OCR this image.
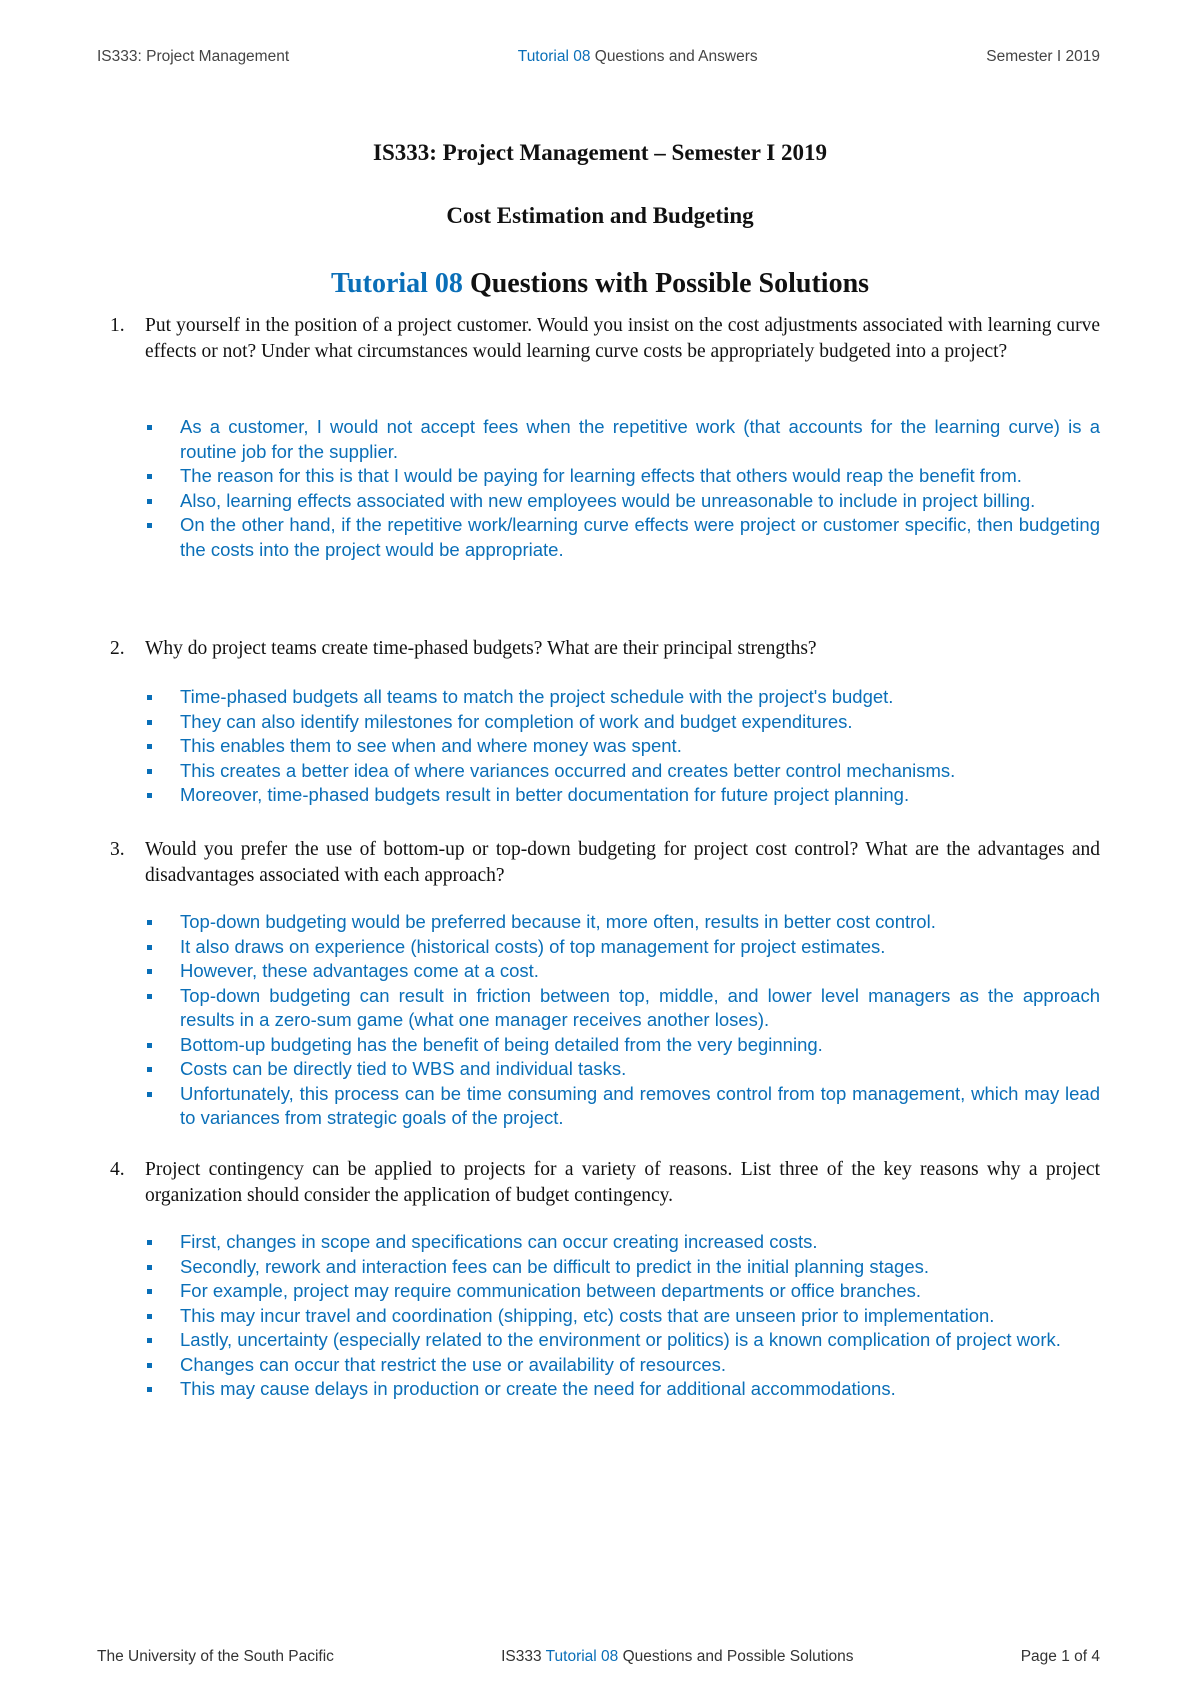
IS333: Project Management	Tutorial 08 Questions and Answers	Semester I 2019
IS333: Project Management – Semester I 2019
Cost Estimation and Budgeting
Tutorial 08 Questions with Possible Solutions
1. Put yourself in the position of a project customer. Would you insist on the cost adjustments associated with learning curve effects or not? Under what circumstances would learning curve costs be appropriately budgeted into a project?
As a customer, I would not accept fees when the repetitive work (that accounts for the learning curve) is a routine job for the supplier.
The reason for this is that I would be paying for learning effects that others would reap the benefit from.
Also, learning effects associated with new employees would be unreasonable to include in project billing.
On the other hand, if the repetitive work/learning curve effects were project or customer specific, then budgeting the costs into the project would be appropriate.
2. Why do project teams create time-phased budgets? What are their principal strengths?
Time-phased budgets all teams to match the project schedule with the project's budget.
They can also identify milestones for completion of work and budget expenditures.
This enables them to see when and where money was spent.
This creates a better idea of where variances occurred and creates better control mechanisms.
Moreover, time-phased budgets result in better documentation for future project planning.
3. Would you prefer the use of bottom-up or top-down budgeting for project cost control? What are the advantages and disadvantages associated with each approach?
Top-down budgeting would be preferred because it, more often, results in better cost control.
It also draws on experience (historical costs) of top management for project estimates.
However, these advantages come at a cost.
Top-down budgeting can result in friction between top, middle, and lower level managers as the approach results in a zero-sum game (what one manager receives another loses).
Bottom-up budgeting has the benefit of being detailed from the very beginning.
Costs can be directly tied to WBS and individual tasks.
Unfortunately, this process can be time consuming and removes control from top management, which may lead to variances from strategic goals of the project.
4. Project contingency can be applied to projects for a variety of reasons. List three of the key reasons why a project organization should consider the application of budget contingency.
First, changes in scope and specifications can occur creating increased costs.
Secondly, rework and interaction fees can be difficult to predict in the initial planning stages.
For example, project may require communication between departments or office branches.
This may incur travel and coordination (shipping, etc) costs that are unseen prior to implementation.
Lastly, uncertainty (especially related to the environment or politics) is a known complication of project work.
Changes can occur that restrict the use or availability of resources.
This may cause delays in production or create the need for additional accommodations.
The University of the South Pacific	IS333 Tutorial 08 Questions and Possible Solutions	Page 1 of 4
